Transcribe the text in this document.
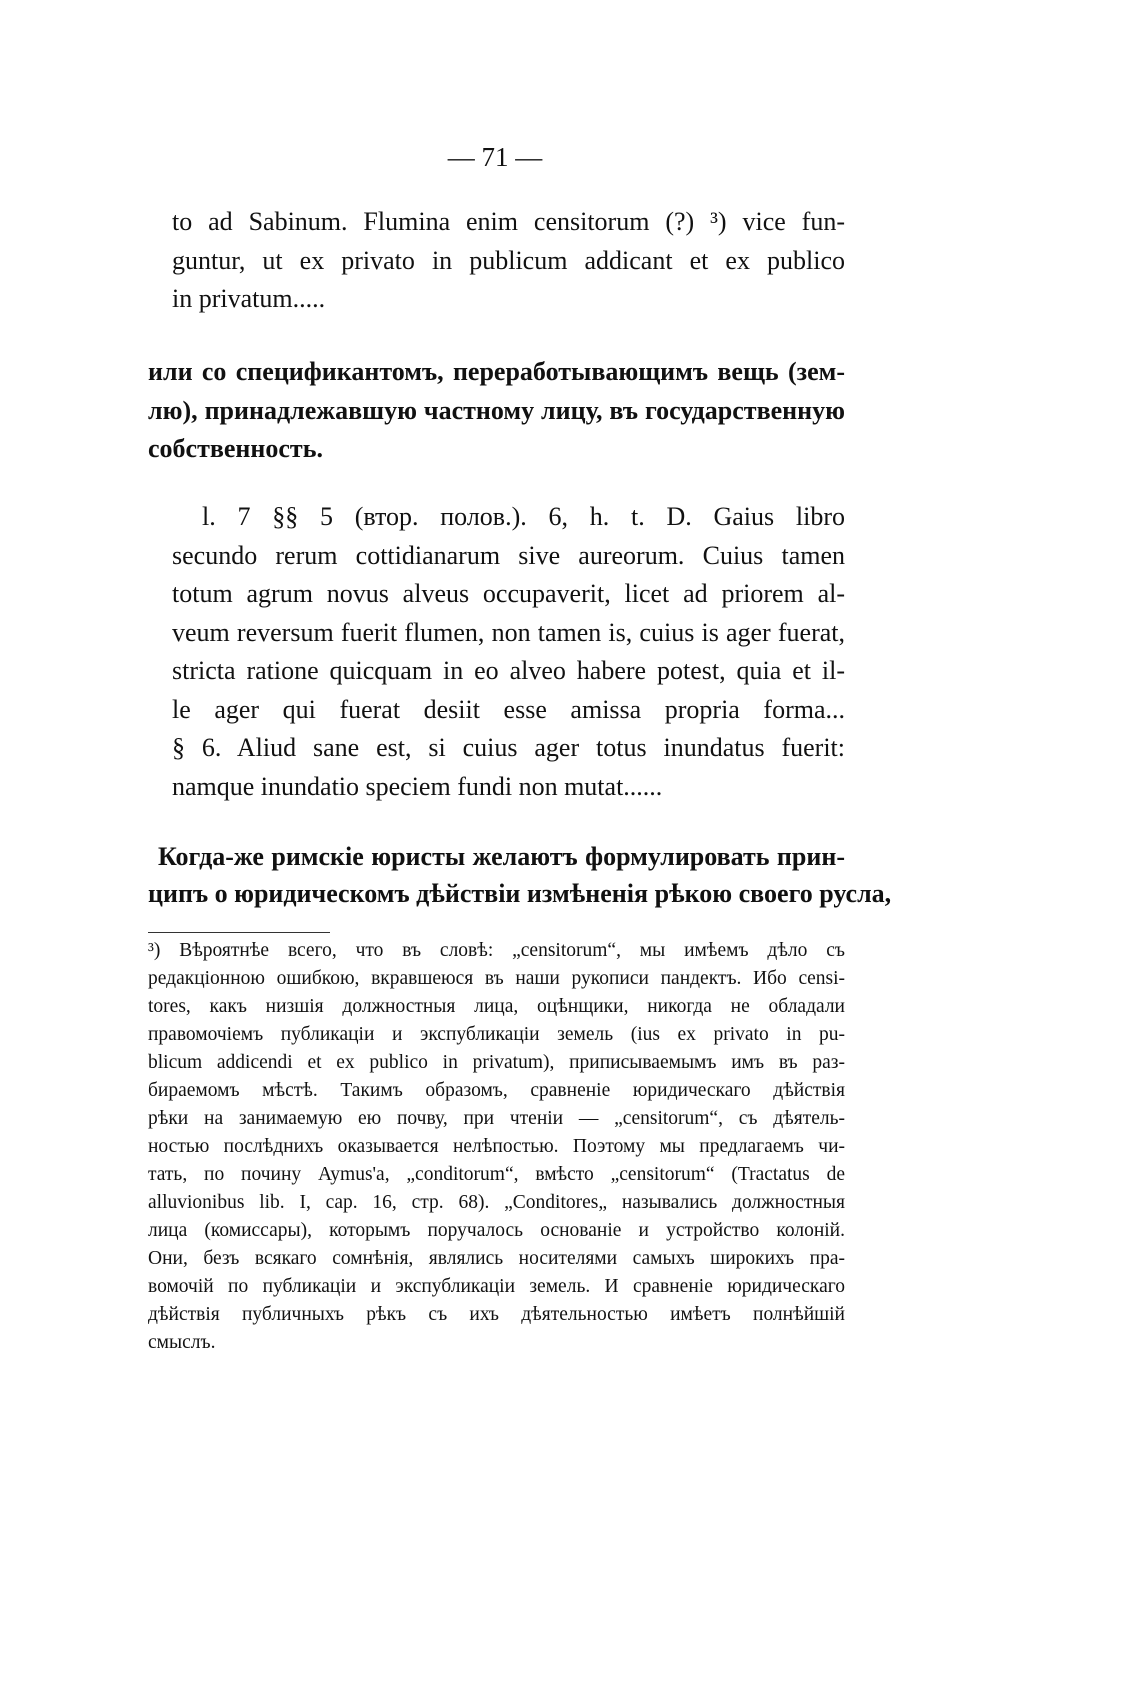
— 71 —
to ad Sabinum. Flumina enim censitorum (?) ³) vice fun-
guntur, ut ex privato in publicum addicant et ex publico
in privatum.....
или со спецификантомъ, переработывающимъ вещь (зем-
лю), принадлежавшую частному лицу, въ государственную
собственность.
l. 7 §§ 5 (втор. полов.). 6, h. t. D. Gaius libro
secundo rerum cottidianarum sive aureorum. Cuius tamen
totum agrum novus alveus occupaverit, licet ad priorem al-
veum reversum fuerit flumen, non tamen is, cuius is ager fuerat,
stricta ratione quicquam in eo alveo habere potest, quia et il-
le ager qui fuerat desiit esse amissa propria forma...
§ 6. Aliud sane est, si cuius ager totus inundatus fuerit:
namque inundatio speciem fundi non mutat......
Когда-же римскіе юристы желаютъ формулировать прин-
ципъ о юридическомъ дѣйствіи измѣненія рѣкою своего русла,
³) Вѣроятнѣе всего, что въ словѣ: „censitorum“, мы имѣемъ дѣло съ
редакціонною ошибкою, вкравшеюся въ наши рукописи пандектъ. Ибо censi-
tores, какъ низшія должностныя лица, оцѣнщики, никогда не обладали
правомочіемъ публикаціи и экспубликаціи земель (ius ex privato in pu-
blicum addicendi et ex publico in privatum), приписываемымъ имъ въ раз-
бираемомъ мѣстѣ. Такимъ образомъ, сравненіе юридическаго дѣйствія
рѣки на занимаемую ею почву, при чтеніи — „censitorum“, съ дѣятель-
ностью послѣднихъ оказывается нелѣпостью. Поэтому мы предлагаемъ чи-
тать, по почину Aymus'a, „conditorum“, вмѣсто „censitorum“ (Tractatus de
alluvionibus lib. I, cap. 16, стр. 68). „Conditores„ назывались должностныя
лица (комиссары), которымъ поручалось основаніе и устройство колоній.
Они, безъ всякаго сомнѣнія, являлись носителями самыхъ широкихъ пра-
вомочій по публикаціи и экспубликаціи земель. И сравненіе юридическаго
дѣйствія публичныхъ рѣкъ съ ихъ дѣятельностью имѣетъ полнѣйшій
смыслъ.
